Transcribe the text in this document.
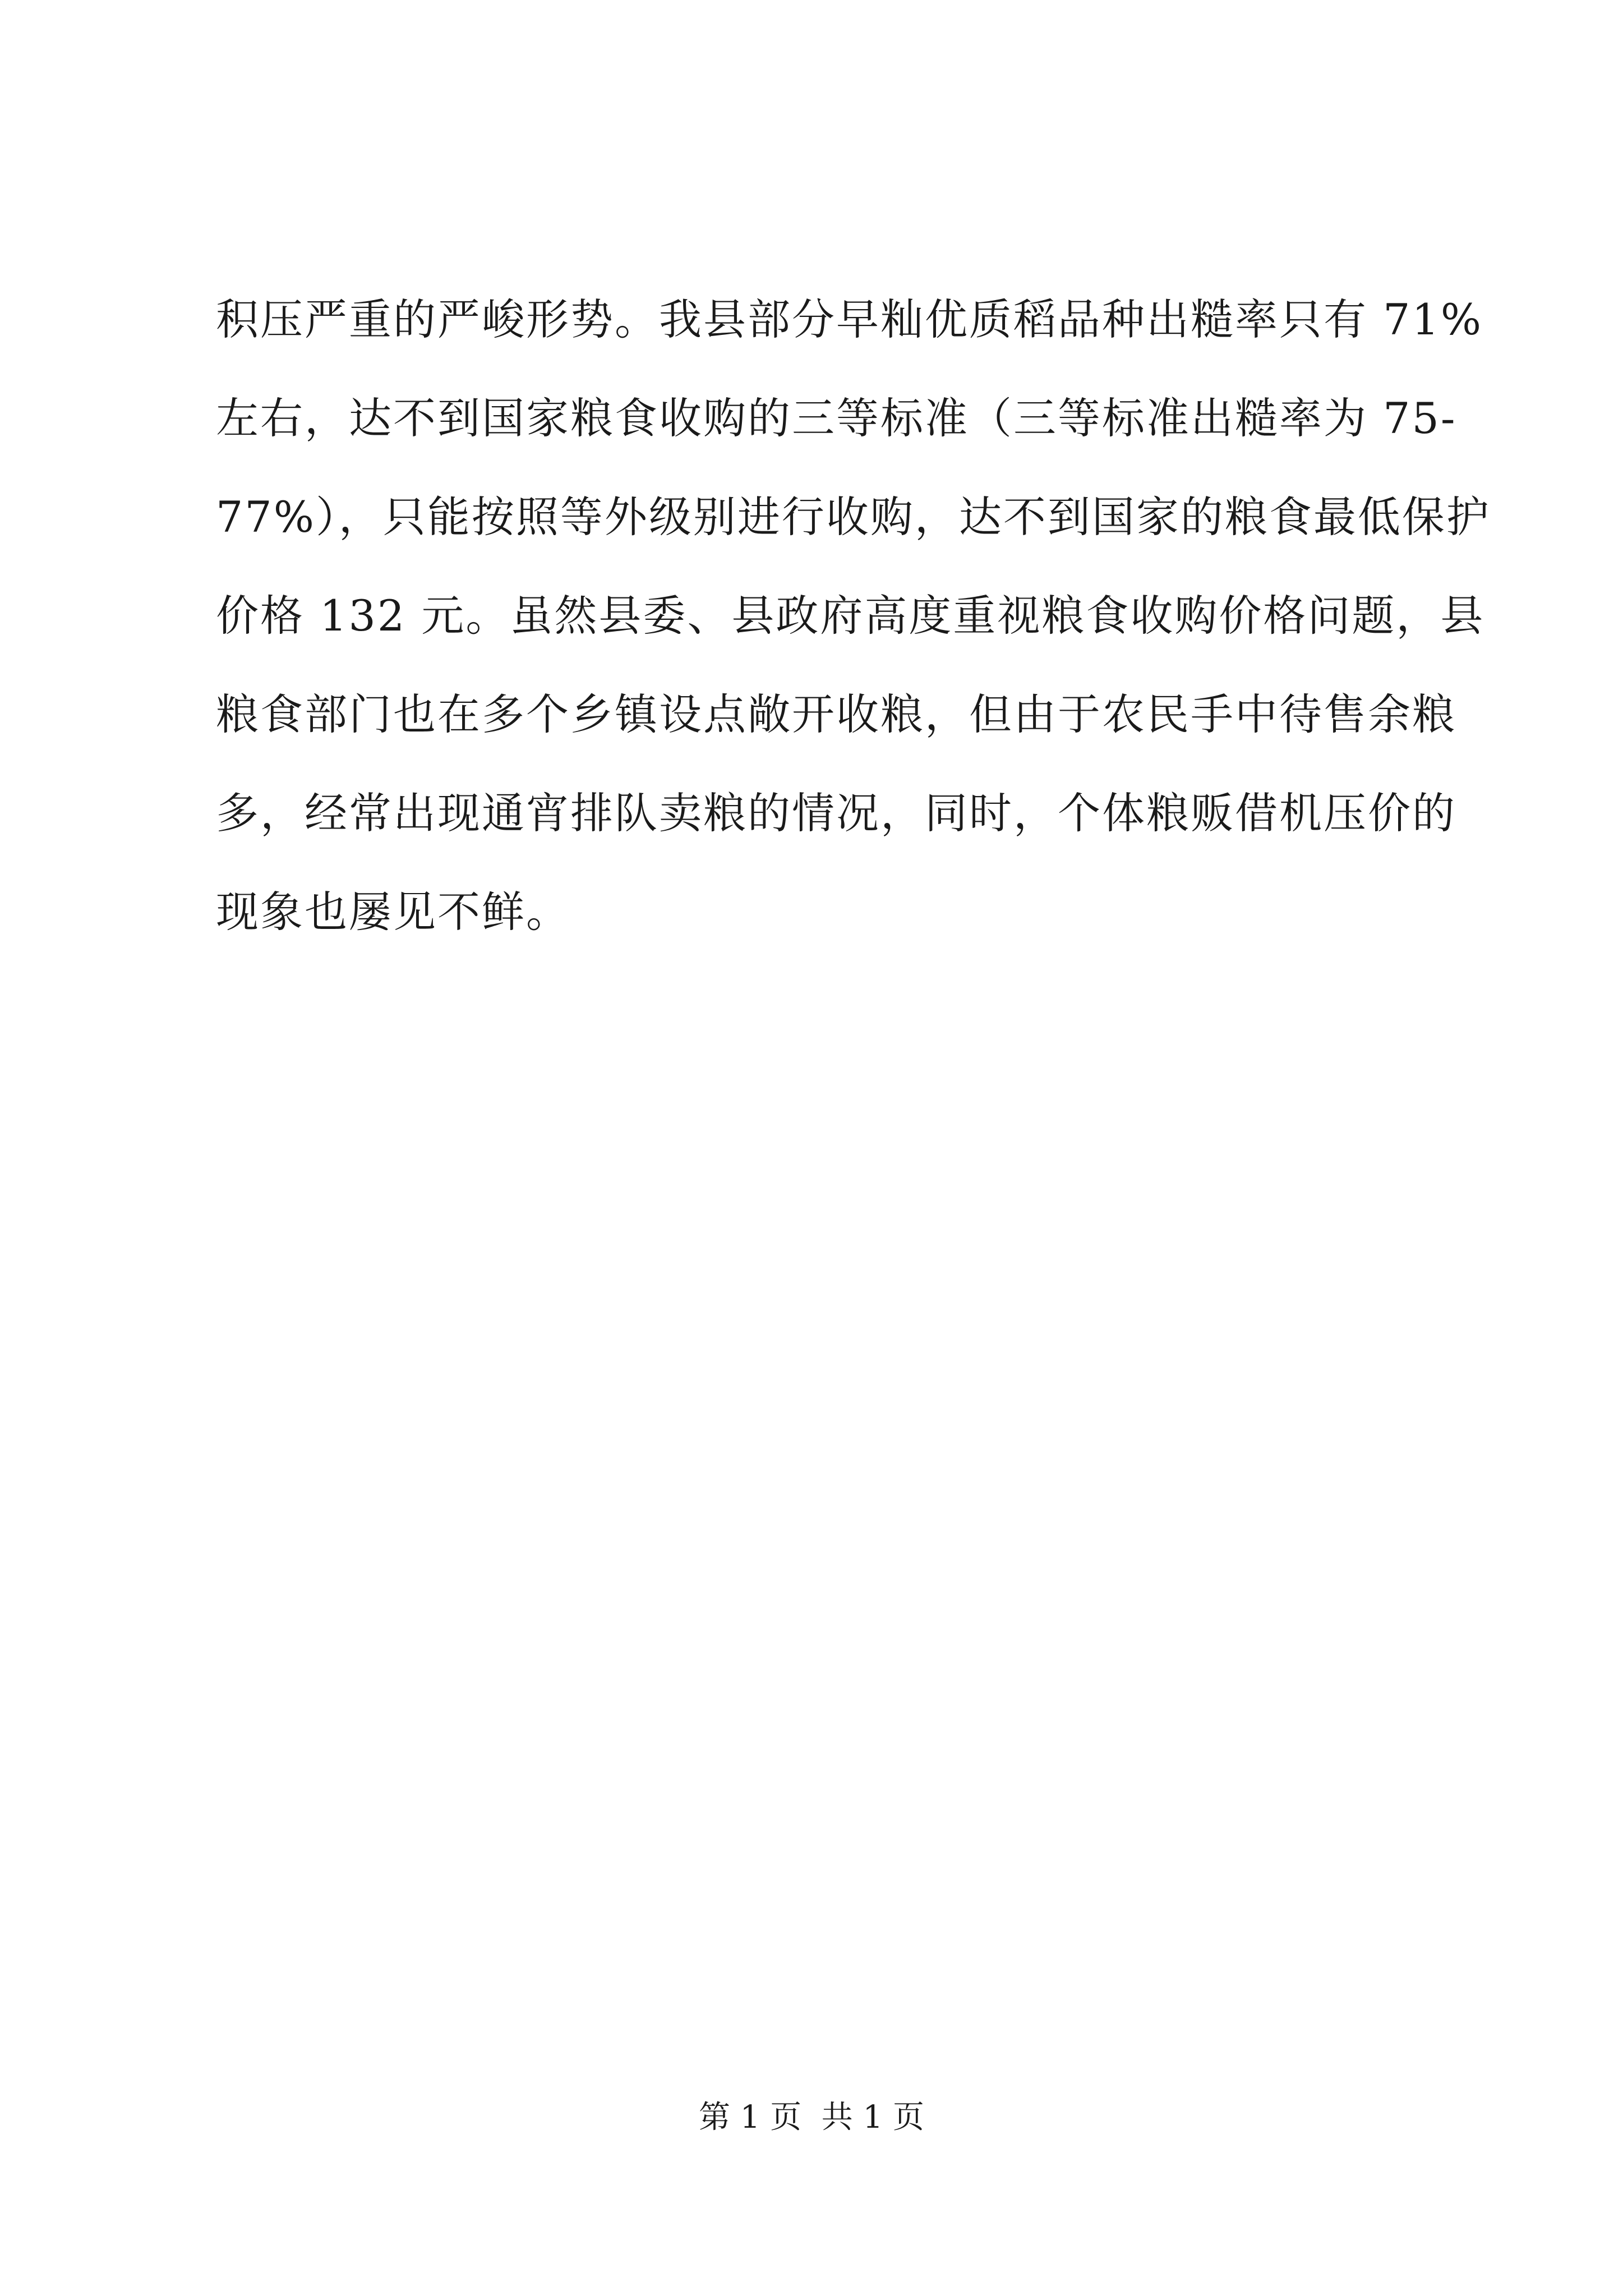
积压严重的严峻形势。我县部分早籼优质稻品种出糙率只有 71%
左右，达不到国家粮食收购的三等标准（三等标准出糙率为 75-
77%），只能按照等外级别进行收购，达不到国家的粮食最低保护
价格 132 元。虽然县委、县政府高度重视粮食收购价格问题，县
粮食部门也在多个乡镇设点敞开收粮，但由于农民手中待售余粮
多，经常出现通宵排队卖粮的情况，同时，个体粮贩借机压价的
现象也屡见不鲜。
第 1 页  共 1 页
